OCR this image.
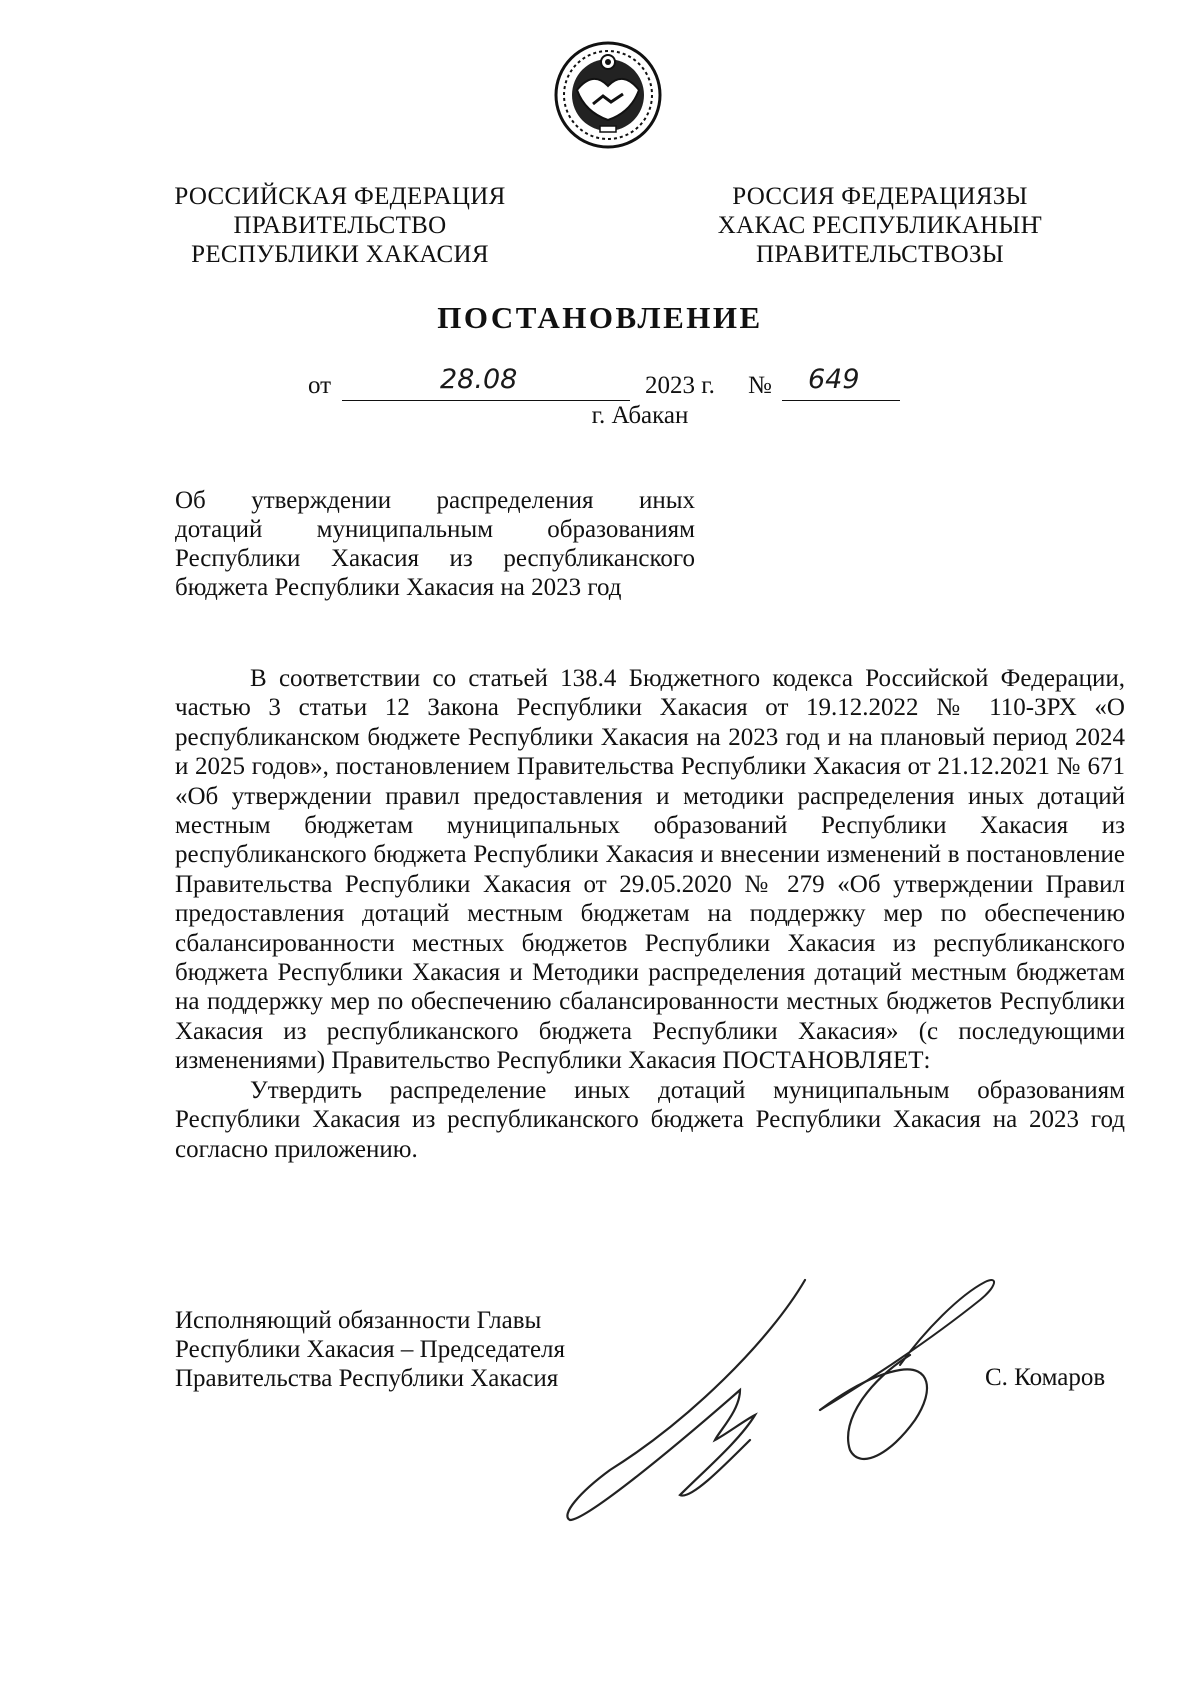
РОССИЙСКАЯ ФЕДЕРАЦИЯ
ПРАВИТЕЛЬСТВО
РЕСПУБЛИКИ ХАКАСИЯ
РОССИЯ ФЕДЕРАЦИЯЗЫ
ХАКАС РЕСПУБЛИКАНЫҤ
ПРАВИТЕЛЬСТВОЗЫ
ПОСТАНОВЛЕНИЕ
от	28.08	2023 г. № 649
г. Абакан
Об утверждении распределения иных
дотаций муниципальным образованиям
Республики Хакасия из республиканского
бюджета Республики Хакасия на 2023 год

В соответствии со статьей 138.4 Бюджетного кодекса Российской Федерации, частью 3 статьи 12 Закона Республики Хакасия от 19.12.2022 № 110-ЗРХ «О республиканском бюджете Республики Хакасия на 2023 год и на плановый период 2024 и 2025 годов», постановлением Правительства Республики Хакасия от 21.12.2021 № 671 «Об утверждении правил предоставления и методики распределения иных дотаций местным бюджетам муниципальных образований Республики Хакасия из республиканского бюджета Республики Хакасия и внесении изменений в постановление Правительства Республики Хакасия от 29.05.2020 № 279 «Об утверждении Правил предоставления дотаций местным бюджетам на поддержку мер по обеспечению сбалансированности местных бюджетов Республики Хакасия из республиканского бюджета Республики Хакасия и Методики распределения дотаций местным бюджетам на поддержку мер по обеспечению сбалансированности местных бюджетов Республики Хакасия из республиканского бюджета Республики Хакасия» (с последующими изменениями) Правительство Республики Хакасия ПОСТАНОВЛЯЕТ:

Утвердить распределение иных дотаций муниципальным образованиям Республики Хакасия из республиканского бюджета Республики Хакасия на 2023 год согласно приложению.

Исполняющий обязанности Главы
Республики Хакасия – Председателя
Правительства Республики Хакасия	С. Комаров
